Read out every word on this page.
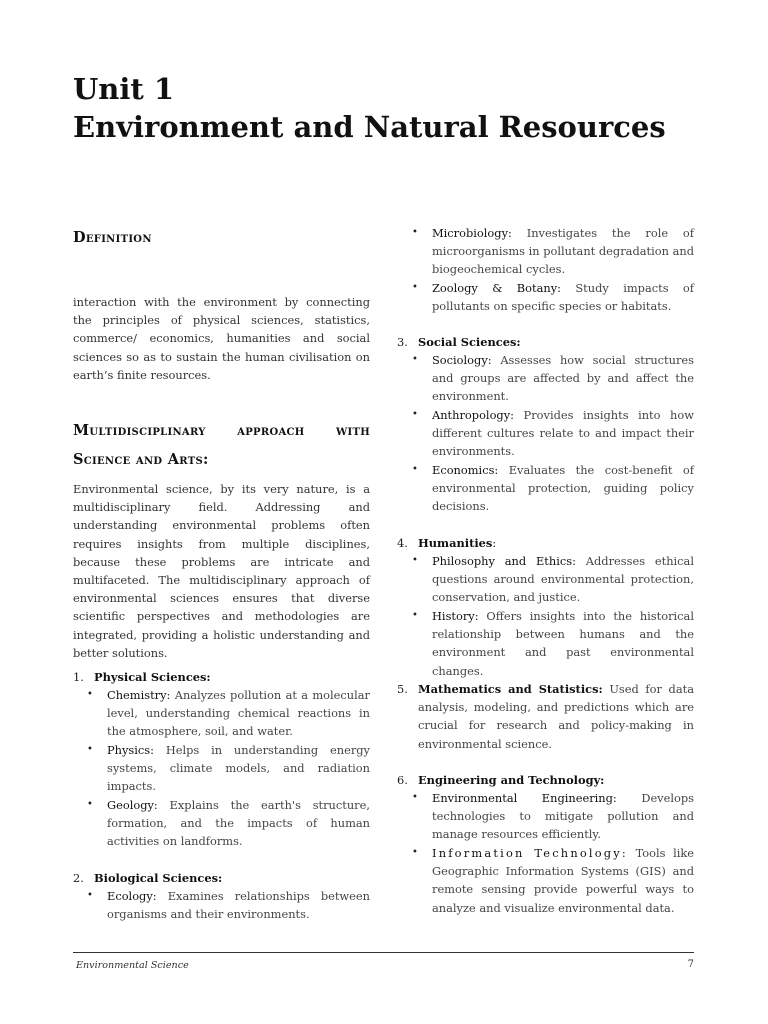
Unit 1
Environment and Natural Resources
Definition

interaction with the environment by connecting the principles of physical sciences, statistics, commerce/ economics, humanities and social sciences so as to sustain the human civilisation on earth’s finite resources.

Multidisciplinary approach with

Science and Arts:

Environmental science, by its very nature, is a multidisciplinary field. Addressing and understanding environmental problems often requires insights from multiple disciplines, because these problems are intricate and multifaceted. The multidisciplinary approach of environmental sciences ensures that diverse scientific perspectives and methodologies are integrated, providing a holistic understanding and better solutions.

1. Physical Sciences:

• Chemistry: Analyzes pollution at a molecular level, understanding chemical reactions in the atmosphere, soil, and water.

• Physics: Helps in understanding energy systems, climate models, and radiation impacts.

• Geology: Explains the earth's structure, formation, and the impacts of human activities on landforms.

2. Biological Sciences:

• Ecology: Examines relationships between organisms and their environments.

• Microbiology: Investigates the role of microorganisms in pollutant degradation and biogeochemical cycles.

• Zoology & Botany: Study impacts of pollutants on specific species or habitats.

3. Social Sciences:

• Sociology: Assesses how social structures and groups are affected by and affect the environment.

• Anthropology: Provides insights into how different cultures relate to and impact their environments.

• Economics: Evaluates the cost-benefit of environmental protection, guiding policy decisions.

4. Humanities:

• Philosophy and Ethics: Addresses ethical questions around environmental protection, conservation, and justice.

• History: Offers insights into the historical relationship between humans and the environment and past environmental changes.

5. Mathematics and Statistics: Used for data analysis, modeling, and predictions which are crucial for research and policy-making in environmental science.

6. Engineering and Technology:

• Environmental Engineering: Develops technologies to mitigate pollution and manage resources efficiently.

• Information Technology: Tools like Geographic Information Systems (GIS) and remote sensing provide powerful ways to analyze and visualize environmental data.

Environmental Science	7
